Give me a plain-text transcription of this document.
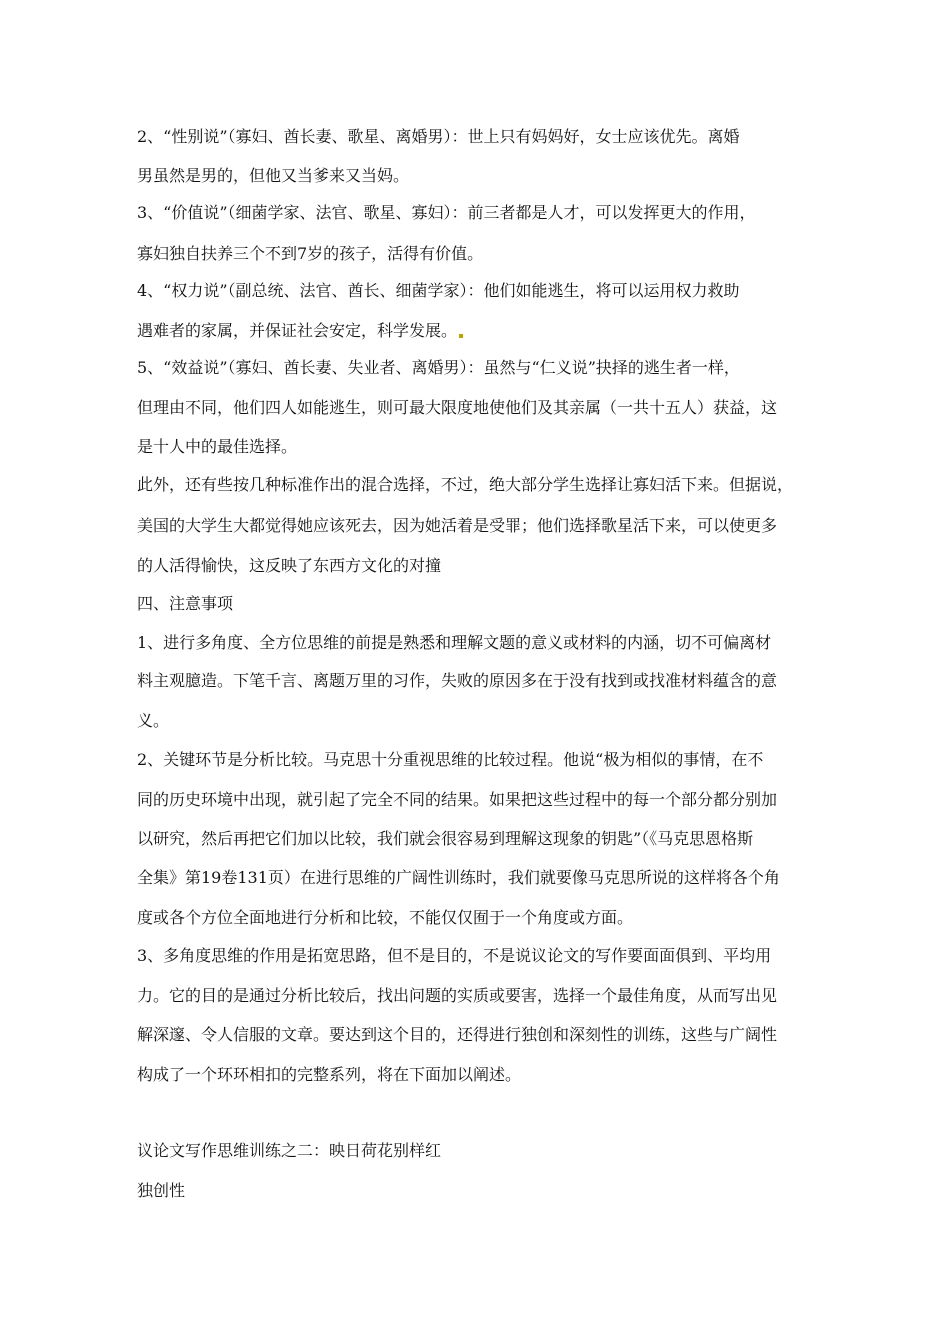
2、“性别说”（寡妇、酋长妻、歌星、离婚男）：世上只有妈妈好，女士应该优先。离婚
男虽然是男的，但他又当爹来又当妈。
3、“价值说”（细菌学家、法官、歌星、寡妇）：前三者都是人才，可以发挥更大的作用，
寡妇独自扶养三个不到7岁的孩子，活得有价值。
4、“权力说”（副总统、法官、酋长、细菌学家）：他们如能逃生，将可以运用权力救助
遇难者的家属，并保证社会安定，科学发展。
5、“效益说”（寡妇、酋长妻、失业者、离婚男）：虽然与“仁义说”抉择的逃生者一样，
但理由不同，他们四人如能逃生，则可最大限度地使他们及其亲属（一共十五人）获益，这
是十人中的最佳选择。
此外，还有些按几种标准作出的混合选择，不过，绝大部分学生选择让寡妇活下来。但据说，
美国的大学生大都觉得她应该死去，因为她活着是受罪；他们选择歌星活下来，可以使更多
的人活得愉快，这反映了东西方文化的对撞
四、注意事项
1、进行多角度、全方位思维的前提是熟悉和理解文题的意义或材料的内涵，切不可偏离材
料主观臆造。下笔千言、离题万里的习作，失败的原因多在于没有找到或找准材料蕴含的意
义。
2、关键环节是分析比较。马克思十分重视思维的比较过程。他说“极为相似的事情，在不
同的历史环境中出现，就引起了完全不同的结果。如果把这些过程中的每一个部分都分别加
以研究，然后再把它们加以比较，我们就会很容易到理解这现象的钥匙”（《马克思恩格斯
全集》第19卷131页）在进行思维的广阔性训练时，我们就要像马克思所说的这样将各个角
度或各个方位全面地进行分析和比较，不能仅仅囿于一个角度或方面。
3、多角度思维的作用是拓宽思路，但不是目的，不是说议论文的写作要面面俱到、平均用
力。它的目的是通过分析比较后，找出问题的实质或要害，选择一个最佳角度，从而写出见
解深邃、令人信服的文章。要达到这个目的，还得进行独创和深刻性的训练，这些与广阔性
构成了一个环环相扣的完整系列，将在下面加以阐述。
议论文写作思维训练之二：映日荷花别样红
独创性
